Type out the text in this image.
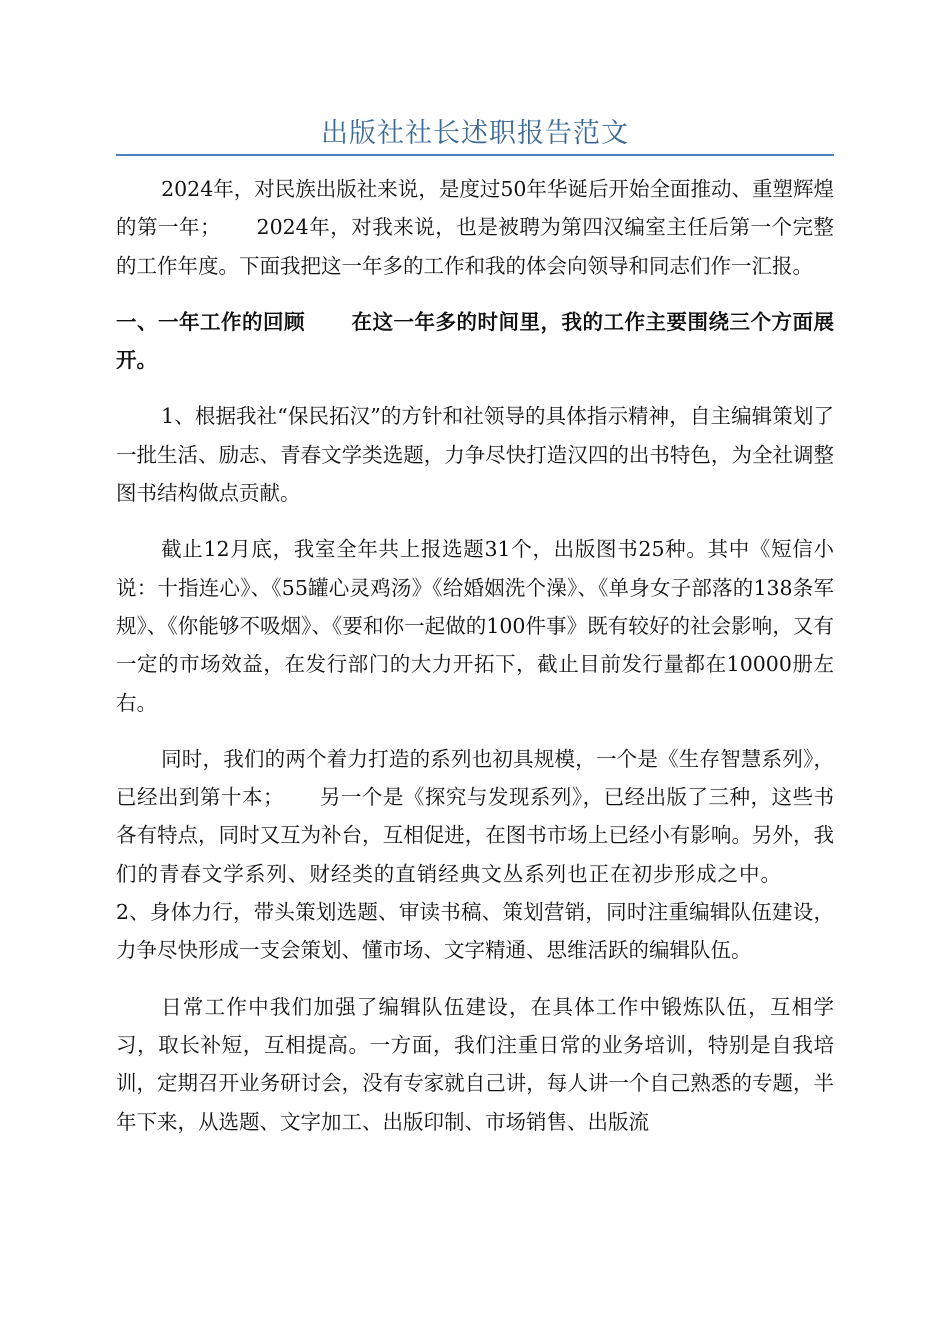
出版社社长述职报告范文

2024年，对民族出版社来说，是度过50年华诞后开始全面推动、重塑辉煌的第一年； 2024年，对我来说，也是被聘为第四汉编室主任后第一个完整的工作年度。下面我把这一年多的工作和我的体会向领导和同志们作一汇报。

一、一年工作的回顾 在这一年多的时间里，我的工作主要围绕三个方面展开。

1、根据我社“保民拓汉”的方针和社领导的具体指示精神，自主编辑策划了一批生活、励志、青春文学类选题，力争尽快打造汉四的出书特色，为全社调整图书结构做点贡献。

截止12月底，我室全年共上报选题31个，出版图书25种。其中《短信小说：十指连心》、《55罐心灵鸡汤》《给婚姻洗个澡》、《单身女子部落的138条军规》、《你能够不吸烟》、《要和你一起做的100件事》既有较好的社会影响，又有一定的市场效益，在发行部门的大力开拓下，截止目前发行量都在10000册左右。

同时，我们的两个着力打造的系列也初具规模，一个是《生存智慧系列》，已经出到第十本； 另一个是《探究与发现系列》，已经出版了三种，这些书各有特点，同时又互为补台，互相促进，在图书市场上已经小有影响。另外，我们的青春文学系列、财经类的直销经典文丛系列也正在初步形成之中。2、身体力行，带头策划选题、审读书稿、策划营销，同时注重编辑队伍建设，力争尽快形成一支会策划、懂市场、文字精通、思维活跃的编辑队伍。

日常工作中我们加强了编辑队伍建设，在具体工作中锻炼队伍，互相学习，取长补短，互相提高。一方面，我们注重日常的业务培训，特别是自我培训，定期召开业务研讨会，没有专家就自己讲，每人讲一个自己熟悉的专题，半年下来，从选题、文字加工、出版印制、市场销售、出版流
